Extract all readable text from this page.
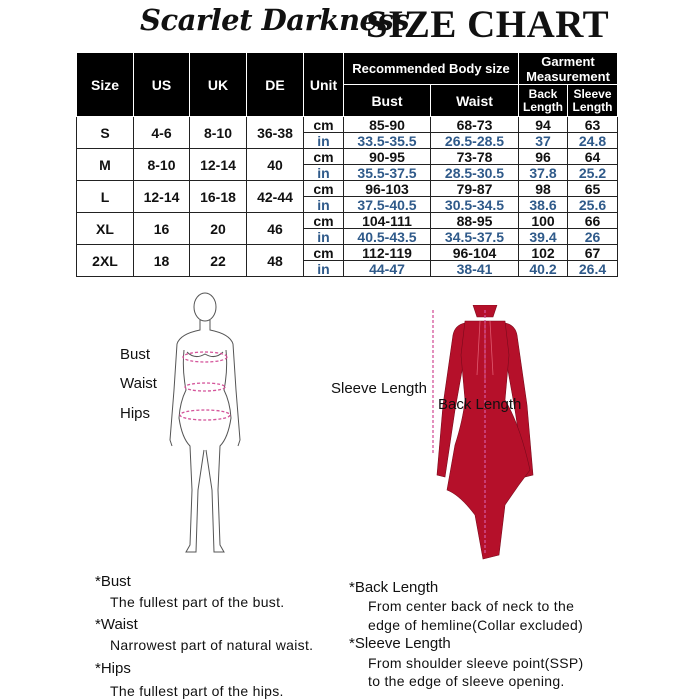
Scarlet Darkness
SIZE CHART
Size	US	UK	DE	Unit	Recommended Body size		Garment Measurement	
					Bust	Waist	Back Length	Sleeve Length
S	4-6	8-10	36-38	cm	85-90	68-73	94	63
				in	33.5-35.5	26.5-28.5	37	24.8
M	8-10	12-14	40	cm	90-95	73-78	96	64
				in	35.5-37.5	28.5-30.5	37.8	25.2
L	12-14	16-18	42-44	cm	96-103	79-87	98	65
				in	37.5-40.5	30.5-34.5	38.6	25.6
XL	16	20	46	cm	104-111	88-95	100	66
				in	40.5-43.5	34.5-37.5	39.4	26
2XL	18	22	48	cm	112-119	96-104	102	67
				in	44-47	38-41	40.2	26.4
Bust
Waist
Hips
Sleeve Length
Back Length
*Bust
The fullest part of the bust.
*Waist
Narrowest part of natural waist.
*Hips
The fullest part of the hips.
*Back Length
From center back of neck to the
edge of hemline(Collar excluded)
*Sleeve Length
From shoulder sleeve point(SSP)
to the edge of sleeve opening.
